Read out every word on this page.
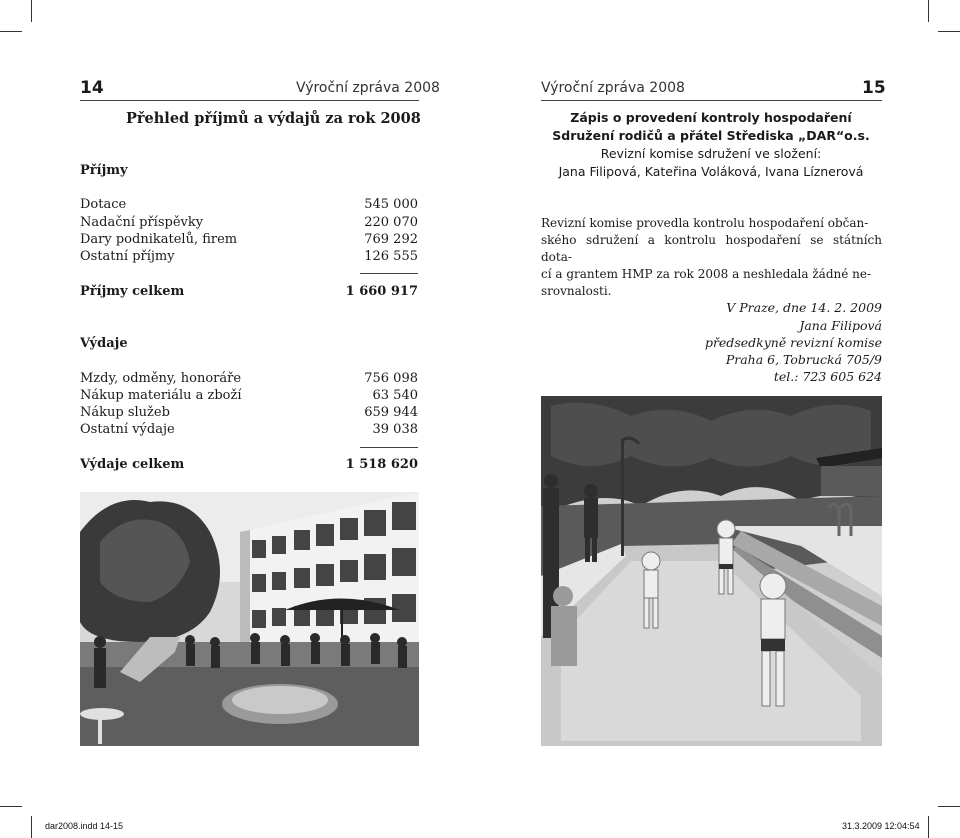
14	Výroční zpráva 2008
Přehled příjmů a výdajů za rok 2008
Příjmy
Dotace	545 000
Nadační příspěvky	220 070
Dary podnikatelů, firem	769 292
Ostatní příjmy	126 555
Příjmy celkem	1 660 917
Výdaje
Mzdy, odměny, honoráře	756 098
Nákup materiálu a zboží	63 540
Nákup služeb	659 944
Ostatní výdaje	39 038
Výdaje celkem	1 518 620
Výroční zpráva 2008	15
Zápis o provedení kontroly hospodaření
Sdružení rodičů a přátel Střediska „DAR“o.s.
Revizní komise sdružení ve složení:
Jana Filipová, Kateřina Voláková, Ivana Líznerová
Revizní komise provedla kontrolu hospodaření občan-
ského sdružení a kontrolu hospodaření se státních dota-
cí a grantem HMP za rok 2008 a neshledala žádné ne-
srovnalosti.
V Praze, dne 14. 2. 2009
Jana Filipová
předsedkyně revizní komise
Praha 6, Tobrucká 705/9
tel.: 723 605 624
dar2008.indd 14-15	31.3.2009 12:04:54
